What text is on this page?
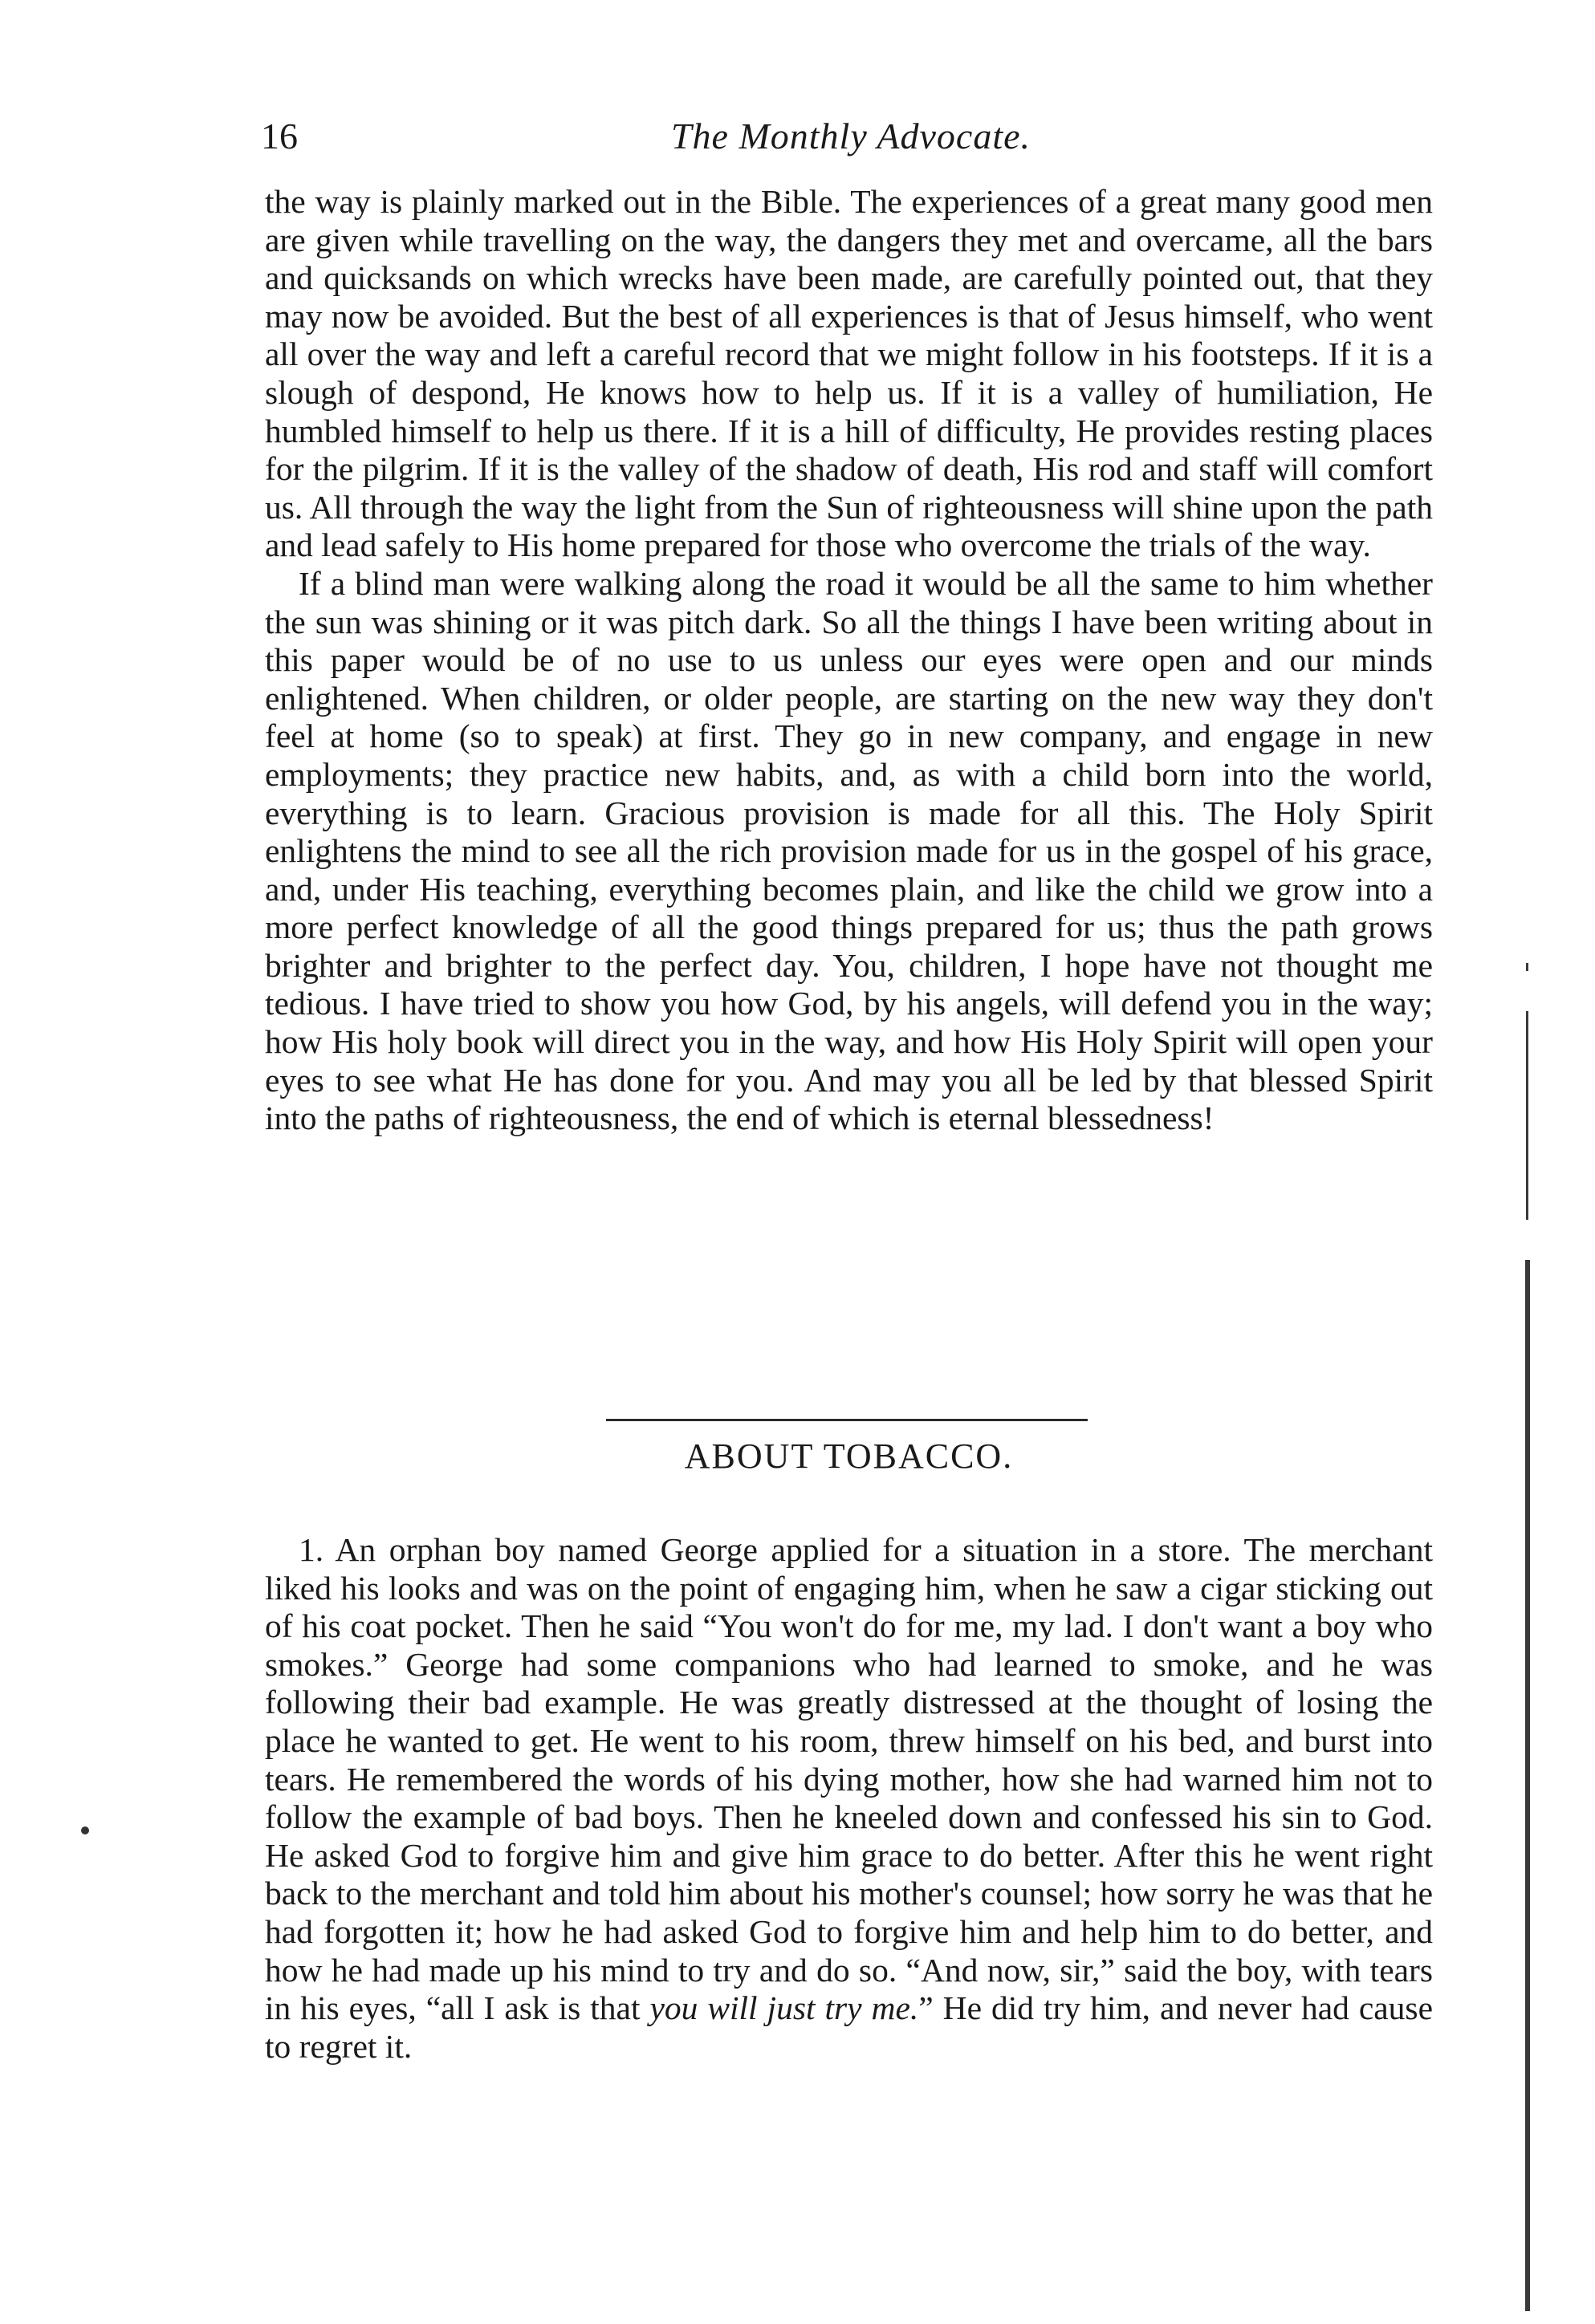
16	The Monthly Advocate.

the way is plainly marked out in the Bible. The experiences of a great many good men are given while travelling on the way, the dangers they met and overcame, all the bars and quicksands on which wrecks have been made, are carefully pointed out, that they may now be avoided. But the best of all experiences is that of Jesus himself, who went all over the way and left a careful record that we might follow in his footsteps. If it is a slough of despond, He knows how to help us. If it is a valley of humiliation, He humbled himself to help us there. If it is a hill of difficulty, He provides resting places for the pilgrim. If it is the valley of the shadow of death, His rod and staff will comfort us. All through the way the light from the Sun of righteousness will shine upon the path and lead safely to His home prepared for those who overcome the trials of the way.

If a blind man were walking along the road it would be all the same to him whether the sun was shining or it was pitch dark. So all the things I have been writing about in this paper would be of no use to us unless our eyes were open and our minds enlightened. When children, or older people, are starting on the new way they don't feel at home (so to speak) at first. They go in new company, and engage in new employments; they practice new habits, and, as with a child born into the world, everything is to learn. Gracious provision is made for all this. The Holy Spirit enlightens the mind to see all the rich provision made for us in the gospel of his grace, and, under His teaching, everything becomes plain, and like the child we grow into a more perfect knowledge of all the good things prepared for us; thus the path grows brighter and brighter to the perfect day. You, children, I hope have not thought me tedious. I have tried to show you how God, by his angels, will defend you in the way; how His holy book will direct you in the way, and how His Holy Spirit will open your eyes to see what He has done for you. And may you all be led by that blessed Spirit into the paths of righteousness, the end of which is eternal blessedness!

ABOUT TOBACCO.

1. An orphan boy named George applied for a situation in a store. The merchant liked his looks and was on the point of engaging him, when he saw a cigar sticking out of his coat pocket. Then he said “You won't do for me, my lad. I don't want a boy who smokes.” George had some companions who had learned to smoke, and he was following their bad example. He was greatly distressed at the thought of losing the place he wanted to get. He went to his room, threw himself on his bed, and burst into tears. He remembered the words of his dying mother, how she had warned him not to follow the example of bad boys. Then he kneeled down and confessed his sin to God. He asked God to forgive him and give him grace to do better. After this he went right back to the merchant and told him about his mother's counsel; how sorry he was that he had forgotten it; how he had asked God to forgive him and help him to do better, and how he had made up his mind to try and do so. “And now, sir,” said the boy, with tears in his eyes, “all I ask is that you will just try me.” He did try him, and never had cause to regret it.
